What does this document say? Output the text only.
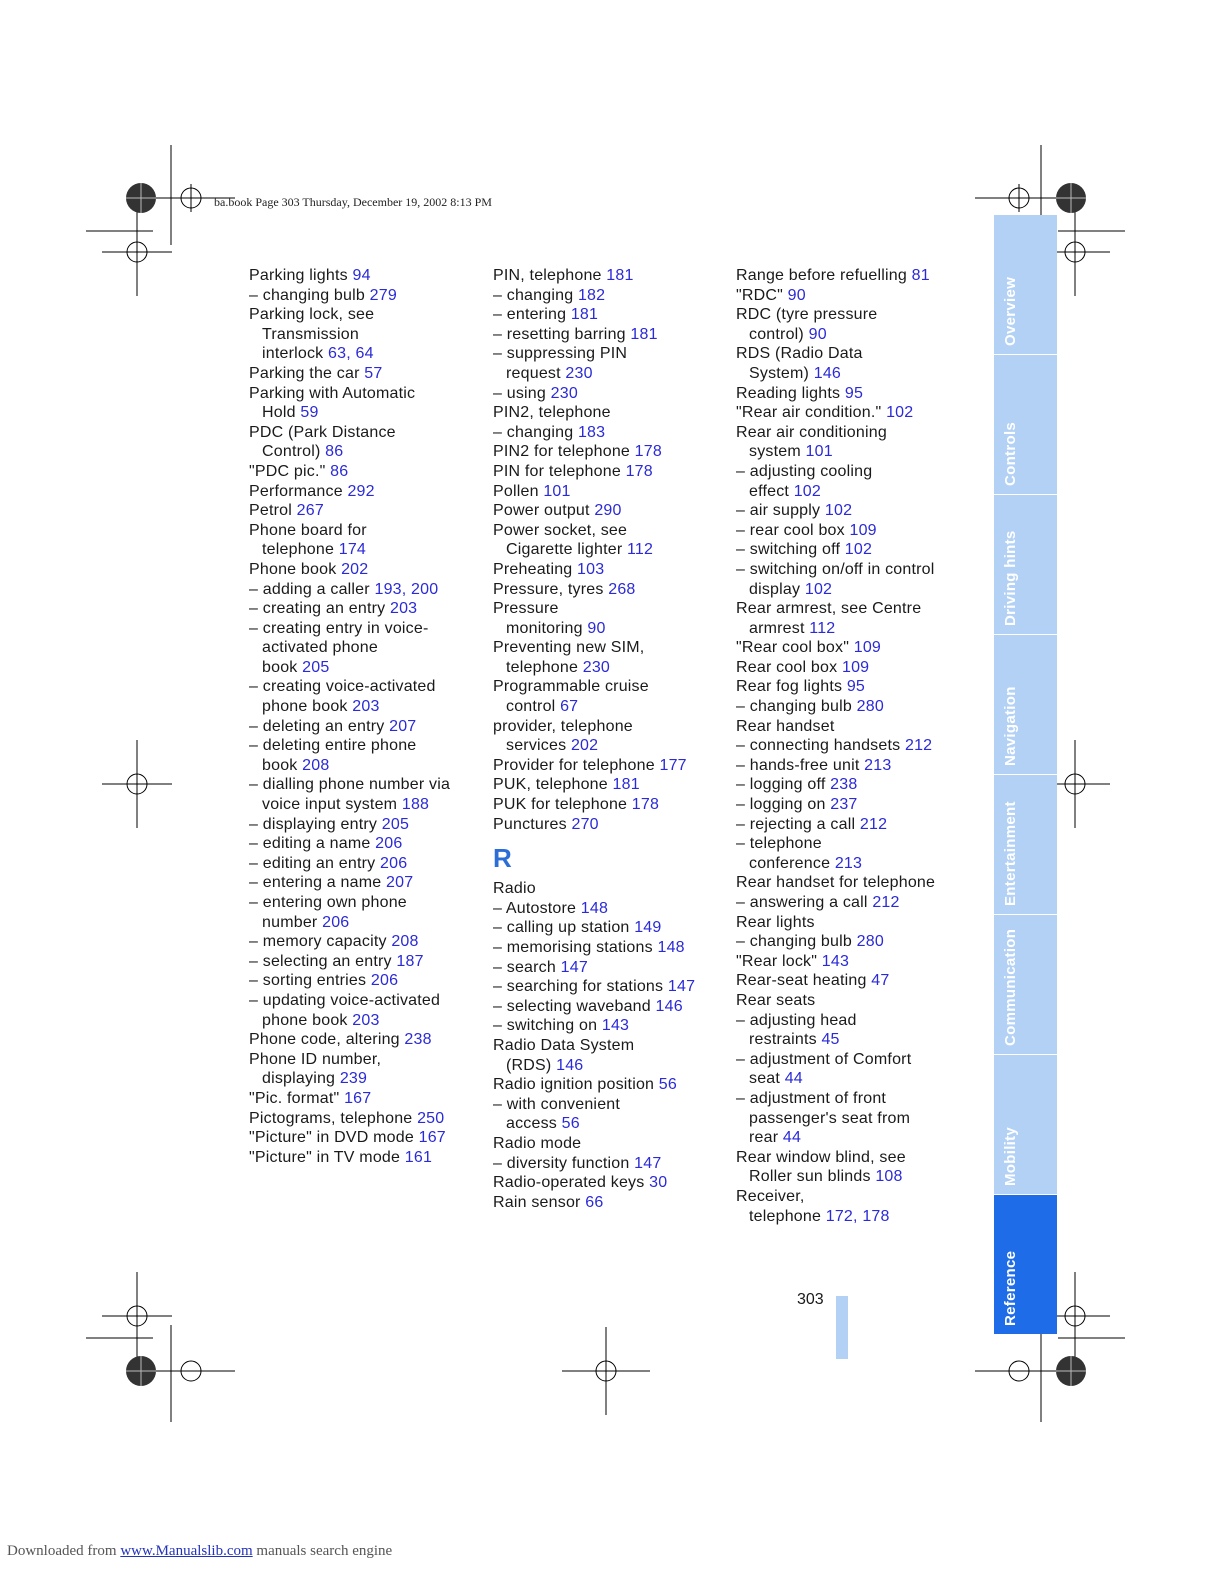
ba.book Page 303 Thursday, December 19, 2002 8:13 PM
Parking lights 94
– changing bulb 279
Parking lock, see
Transmission
interlock 63, 64
Parking the car 57
Parking with Automatic
Hold 59
PDC (Park Distance
Control) 86
"PDC pic." 86
Performance 292
Petrol 267
Phone board for
telephone 174
Phone book 202
– adding a caller 193, 200
– creating an entry 203
– creating entry in voice-
activated phone
book 205
– creating voice-activated
phone book 203
– deleting an entry 207
– deleting entire phone
book 208
– dialling phone number via
voice input system 188
– displaying entry 205
– editing a name 206
– editing an entry 206
– entering a name 207
– entering own phone
number 206
– memory capacity 208
– selecting an entry 187
– sorting entries 206
– updating voice-activated
phone book 203
Phone code, altering 238
Phone ID number,
displaying 239
"Pic. format" 167
Pictograms, telephone 250
"Picture" in DVD mode 167
"Picture" in TV mode 161
PIN, telephone 181
– changing 182
– entering 181
– resetting barring 181
– suppressing PIN
request 230
– using 230
PIN2, telephone
– changing 183
PIN2 for telephone 178
PIN for telephone 178
Pollen 101
Power output 290
Power socket, see
Cigarette lighter 112
Preheating 103
Pressure, tyres 268
Pressure
monitoring 90
Preventing new SIM,
telephone 230
Programmable cruise
control 67
provider, telephone
services 202
Provider for telephone 177
PUK, telephone 181
PUK for telephone 178
Punctures 270
R
Radio
– Autostore 148
– calling up station 149
– memorising stations 148
– search 147
– searching for stations 147
– selecting waveband 146
– switching on 143
Radio Data System
(RDS) 146
Radio ignition position 56
– with convenient
access 56
Radio mode
– diversity function 147
Radio-operated keys 30
Rain sensor 66
Range before refuelling 81
"RDC" 90
RDC (tyre pressure
control) 90
RDS (Radio Data
System) 146
Reading lights 95
"Rear air condition." 102
Rear air conditioning
system 101
– adjusting cooling
effect 102
– air supply 102
– rear cool box 109
– switching off 102
– switching on/off in control
display 102
Rear armrest, see Centre
armrest 112
"Rear cool box" 109
Rear cool box 109
Rear fog lights 95
– changing bulb 280
Rear handset
– connecting handsets 212
– hands-free unit 213
– logging off 238
– logging on 237
– rejecting a call 212
– telephone
conference 213
Rear handset for telephone
– answering a call 212
Rear lights
– changing bulb 280
"Rear lock" 143
Rear-seat heating 47
Rear seats
– adjusting head
restraints 45
– adjustment of Comfort
seat 44
– adjustment of front
passenger's seat from
rear 44
Rear window blind, see
Roller sun blinds 108
Receiver,
telephone 172, 178
Overview
Controls
Driving hints
Navigation
Entertainment
Communication
Mobility
Reference
303
Downloaded from www.Manualslib.com manuals search engine
